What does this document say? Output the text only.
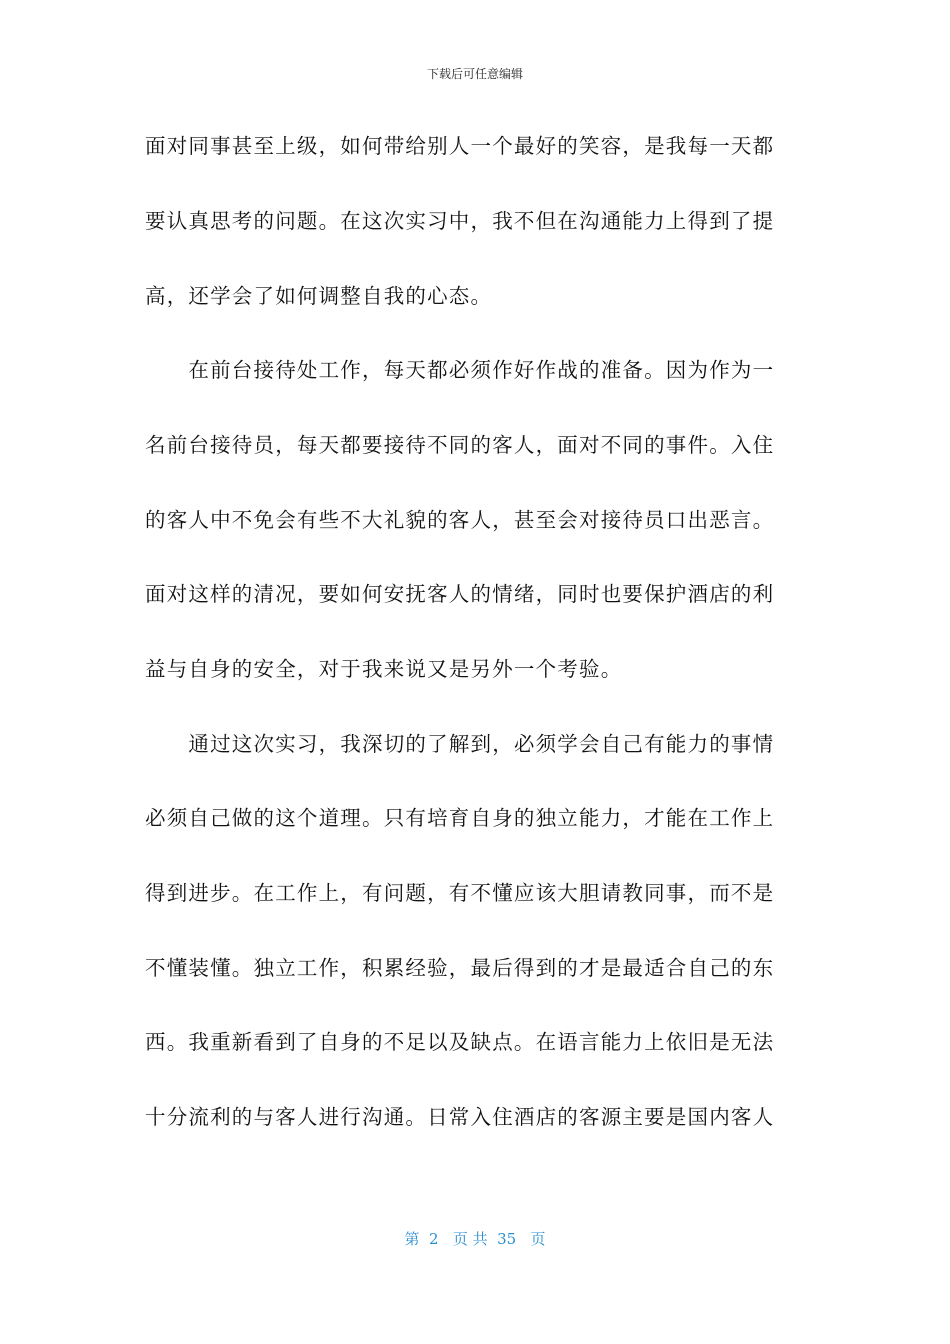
下载后可任意编辑
面对同事甚至上级，如何带给别人一个最好的笑容，是我每一天都
要认真思考的问题。在这次实习中，我不但在沟通能力上得到了提
高，还学会了如何调整自我的心态。
　　在前台接待处工作，每天都必须作好作战的准备。因为作为一
名前台接待员，每天都要接待不同的客人，面对不同的事件。入住
的客人中不免会有些不大礼貌的客人，甚至会对接待员口出恶言。
面对这样的清况，要如何安抚客人的情绪，同时也要保护酒店的利
益与自身的安全，对于我来说又是另外一个考验。
　　通过这次实习，我深切的了解到，必须学会自己有能力的事情
必须自己做的这个道理。只有培育自身的独立能力，才能在工作上
得到进步。在工作上，有问题，有不懂应该大胆请教同事，而不是
不懂装懂。独立工作，积累经验，最后得到的才是最适合自己的东
西。我重新看到了自身的不足以及缺点。在语言能力上依旧是无法
十分流利的与客人进行沟通。日常入住酒店的客源主要是国内客人
第  2   页 共  35   页
